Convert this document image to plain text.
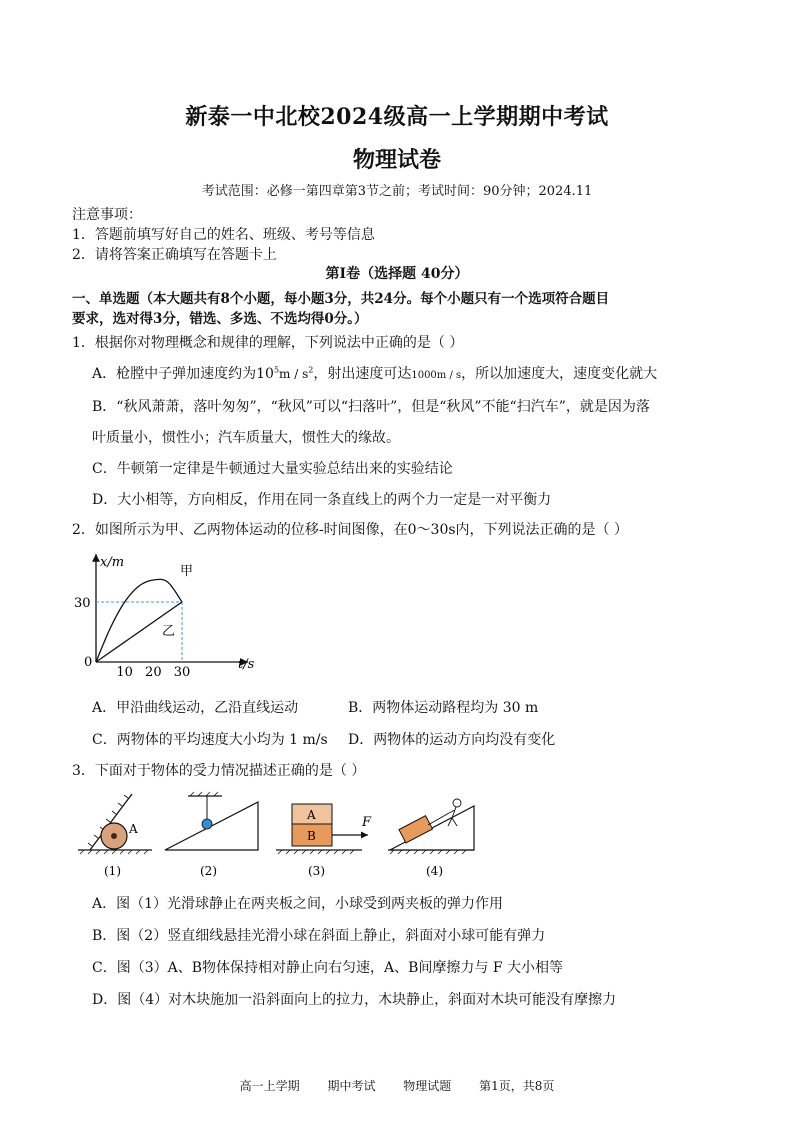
新泰一中北校2024级高一上学期期中考试
物理试卷
考试范围：必修一第四章第3节之前；考试时间：90分钟；2024.11
注意事项：
1．答题前填写好自己的姓名、班级、考号等信息
2．请将答案正确填写在答题卡上
第Ⅰ卷（选择题 40分）
一、单选题（本大题共有8个小题，每小题3分，共24分。每个小题只有一个选项符合题目
要求，选对得3分，错选、多选、不选均得0分。）
1．根据你对物理概念和规律的理解，下列说法中正确的是（ ）
A．枪膛中子弹加速度约为$10^5m / s^2$，射出速度可达1000m / s，所以加速度大，速度变化就大
B．“秋风萧萧，落叶匆匆”，“秋风”可以“扫落叶”，但是“秋风”不能“扫汽车”，就是因为落
叶质量小，惯性小；汽车质量大，惯性大的缘故。
C．牛顿第一定律是牛顿通过大量实验总结出来的实验结论
D．大小相等，方向相反，作用在同一条直线上的两个力一定是一对平衡力
2．如图所示为甲、乙两物体运动的位移-时间图像，在0～30s内，下列说法正确的是（ ）
x/m
t/s
0
30
10 20 30
甲
乙
A．甲沿曲线运动，乙沿直线运动	B．两物体运动路程均为 30 m
C．两物体的平均速度大小均为 1 m/s D．两物体的运动方向均没有变化
3．下面对于物体的受力情况描述正确的是（ ）
A
(1)	(2)
A
B
F
(3)	(4)
A．图（1）光滑球静止在两夹板之间，小球受到两夹板的弹力作用
B．图（2）竖直细线悬挂光滑小球在斜面上静止，斜面对小球可能有弹力
C．图（3）A、B物体保持相对静止向右匀速，A、B间摩擦力与 F 大小相等
D．图（4）对木块施加一沿斜面向上的拉力，木块静止，斜面对木块可能没有摩擦力
高一上学期 期中考试 物理试题 第1页，共8页
